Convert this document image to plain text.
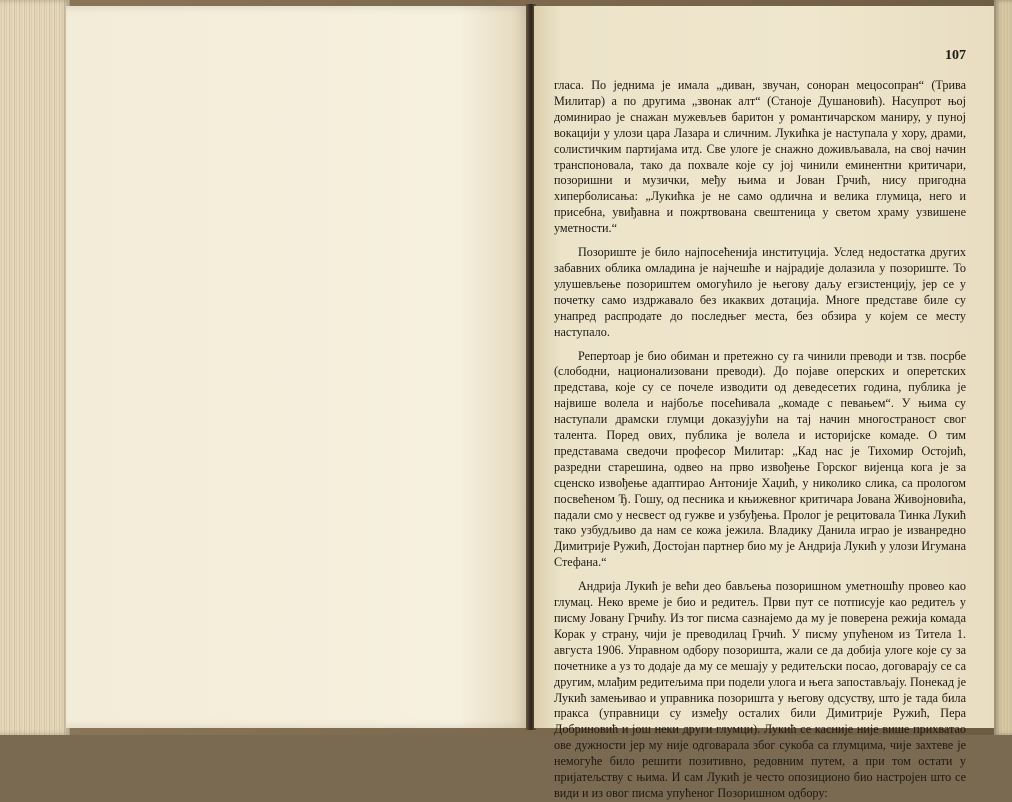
107

гласа. По једнима је имала „диван, звучан, соноран мецосопран“ (Трива Милитар) а по другима „звонак алт“ (Станоје Душановић). Насупрот њој доминирао је снажан мужевљев баритон у романтичарском маниру, у пуној вокацији у улози цара Лазара и сличним. Лукићка је наступала у хору, драми, солистичким партијама итд. Све улоге је снажно доживљавала, на свој начин транспоновала, тако да похвале које су јој чинили еминентни критичари, позоришни и музички, међу њима и Јован Грчић, нису пригодна хиперболисања: „Лукићка је не само одлична и велика глумица, него и присебна, увиђавна и пожртвована свештеница у светом храму узвишене уметности.“

Позориште је било најпосећенија институција. Услед недостатка других забавних облика омладина је најчешће и најрадије долазила у позориште. То улушевљење позориштем омогућило је његову даљу егзистенцију, јер се у почетку само издржавало без икаквих дотација. Многе представе биле су унапред распродате до последњег места, без обзира у којем се месту наступало.

Репертоар је био обиман и претежно су га чинили преводи и тзв. посрбе (слободни, национализовани преводи). До појаве оперских и оперетских представа, које су се почеле изводити од деведесетих година, публика је највише волела и најбоље посећивала „комаде с певањем“. У њима су наступали драмски глумци доказујући на тај начин многостраност свог талента. Поред ових, публика је волела и историјске комаде. О тим представама сведочи професор Милитар: „Кад нас је Тихомир Остојић, разредни старешина, одвео на прво извођење Горског вијенца кога је за сценско извођење адаптирао Антоније Хаџић, у николико слика, са прологом посвећеном Ђ. Гошу, од песника и књижевног критичара Јована Живојновића, падали смо у несвест од гужве и узбуђења. Пролог је рецитовала Тинка Лукић тако узбудљиво да нам се кожа јежила. Владику Данила играо је изванредно Димитрије Ружић, Достојан партнер био му је Андрија Лукић у улози Игумана Стефана.“

Андрија Лукић је већи део бављења позоришном уметношћу провео као глумац. Неко време је био и редитељ. Први пут се потписује као редитељ у писму Јовану Грчићу. Из тог писма сазнајемо да му је поверена режија комада Корак у страну, чији је преводилац Грчић. У писму упућеном из Титела 1. августа 1906. Управном одбору позоришта, жали се да добија улоге које су за почетнике а уз то додаје да му се мешају у редитељски посао, договарају се са другим, млађим редитељима при подели улога и њега запостављају. Понекад је Лукић замењивао и управника позоришта у његову одсуству, што је тада била пракса (управници су између осталих били Димитрије Ружић, Пера Добриновић и још неки други глумци). Лукић се касније није више прихватао ове дужности јер му није одговарала због сукоба са глумцима, чије захтеве је немогуће било решити позитивно, редовним путем, а при том остати у пријатељству с њима. И сам Лукић је често опозиционо био настројен што се види и из овог писма упућеног Позоришном одбору:
